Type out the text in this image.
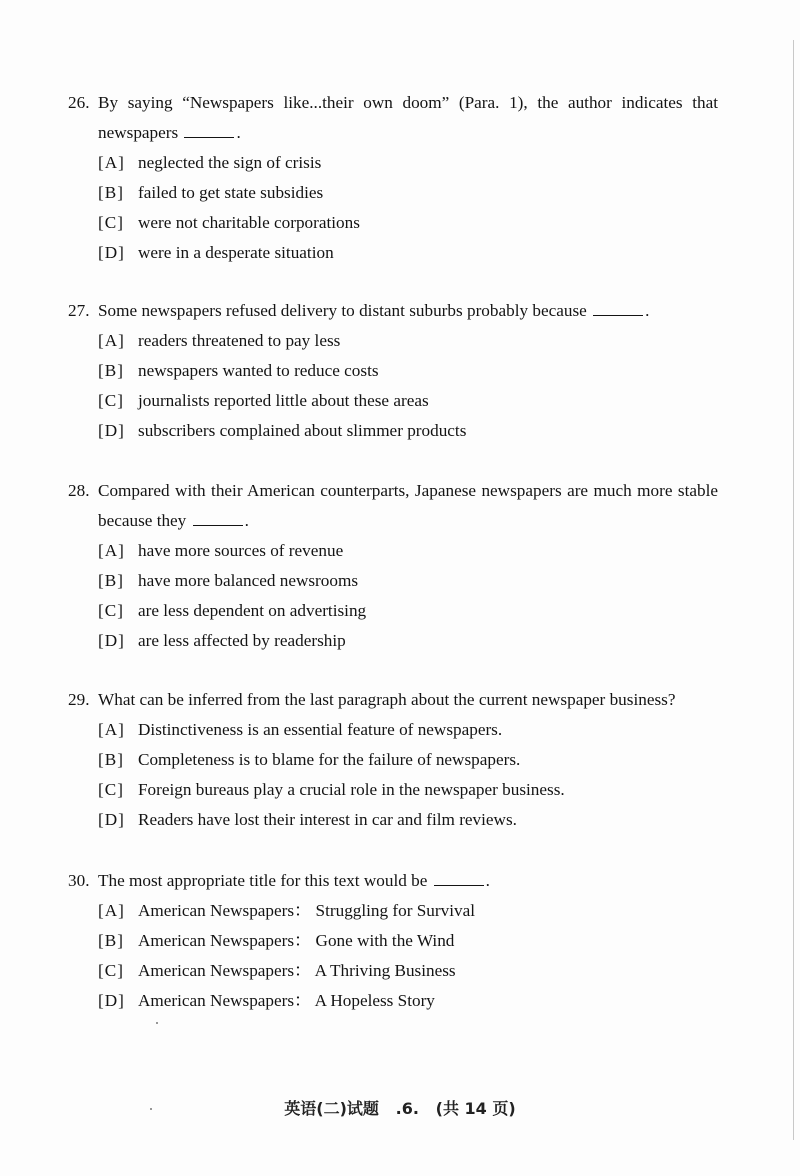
26. By saying “Newspapers like...their own doom” (Para. 1), the author indicates that newspapers	.
[A] neglected the sign of crisis
[B] failed to get state subsidies
[C] were not charitable corporations
[D] were in a desperate situation
27. Some newspapers refused delivery to distant suburbs probably because	.
[A] readers threatened to pay less
[B] newspapers wanted to reduce costs
[C] journalists reported little about these areas
[D] subscribers complained about slimmer products
28. Compared with their American counterparts, Japanese newspapers are much more stable because they	.
[A] have more sources of revenue
[B] have more balanced newsrooms
[C] are less dependent on advertising
[D] are less affected by readership
29. What can be inferred from the last paragraph about the current newspaper business?
[A] Distinctiveness is an essential feature of newspapers.
[B] Completeness is to blame for the failure of newspapers.
[C] Foreign bureaus play a crucial role in the newspaper business.
[D] Readers have lost their interest in car and film reviews.
30. The most appropriate title for this text would be	.
[A] American Newspapers： Struggling for Survival
[B] American Newspapers： Gone with the Wind
[C] American Newspapers： A Thriving Business
[D] American Newspapers： A Hopeless Story
英语(二)试题 .6. (共 14 页)
